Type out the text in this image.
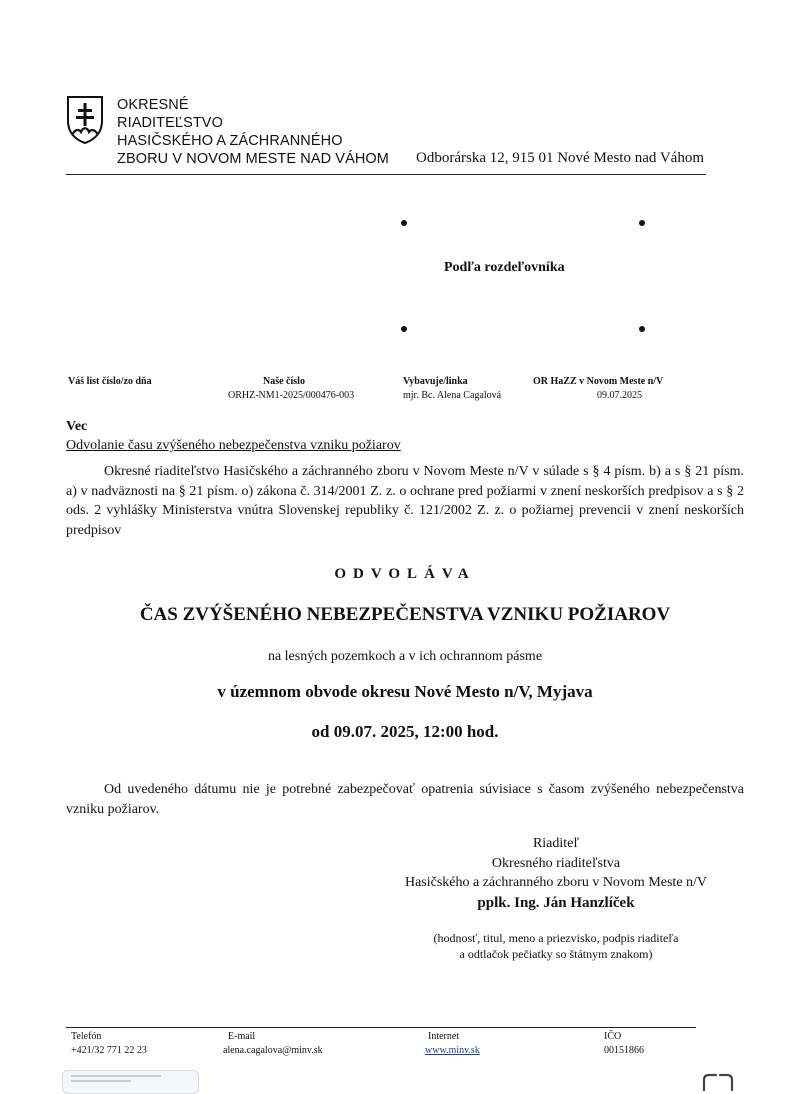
OKRESNÉ
RIADITEĽSTVO
HASIČSKÉHO A ZÁCHRANNÉHO
ZBORU V NOVOM MESTE NAD VÁHOM Odborárska 12, 915 01 Nové Mesto nad Váhom
Podľa rozdeľovníka
Váš list číslo/zo dňa	Naše číslo
ORHZ-NM1-2025/000476-003
Vybavuje/linka
mjr. Bc. Alena Cagalová
OR HaZZ v Novom Meste n/V
09.07.2025
Vec
Odvolanie času zvýšeného nebezpečenstva vzniku požiarov

Okresné riaditeľstvo Hasičského a záchranného zboru v Novom Meste n/V v súlade s § 4 písm. b) a s § 21 písm. a) v nadväznosti na § 21 písm. o) zákona č. 314/2001 Z. z. o ochrane pred požiarmi v znení neskorších predpisov a s § 2 ods. 2 vyhlášky Ministerstva vnútra Slovenskej republiky č. 121/2002 Z. z. o požiarnej prevencii v znení neskorších predpisov

ODVOLÁVA
ČAS ZVÝŠENÉHO NEBEZPEČENSTVA VZNIKU POŽIAROV
na lesných pozemkoch a v ich ochrannom pásme
v územnom obvode okresu Nové Mesto n/V, Myjava
od 09.07. 2025, 12:00 hod.

Od uvedeného dátumu nie je potrebné zabezpečovať opatrenia súvisiace s časom zvýšeného nebezpečenstva vzniku požiarov.

Riaditeľ
Okresného riaditeľstva
Hasičského a záchranného zboru v Novom Meste n/V
pplk. Ing. Ján Hanzlíček
(hodnosť, titul, meno a priezvisko, podpis riaditeľa
a odtlačok pečiatky so štátnym znakom)
Telefón
+421/32 771 22 23
E-mail
alena.cagalova@minv.sk
Internet
www.minv.sk
IČO
00151866
